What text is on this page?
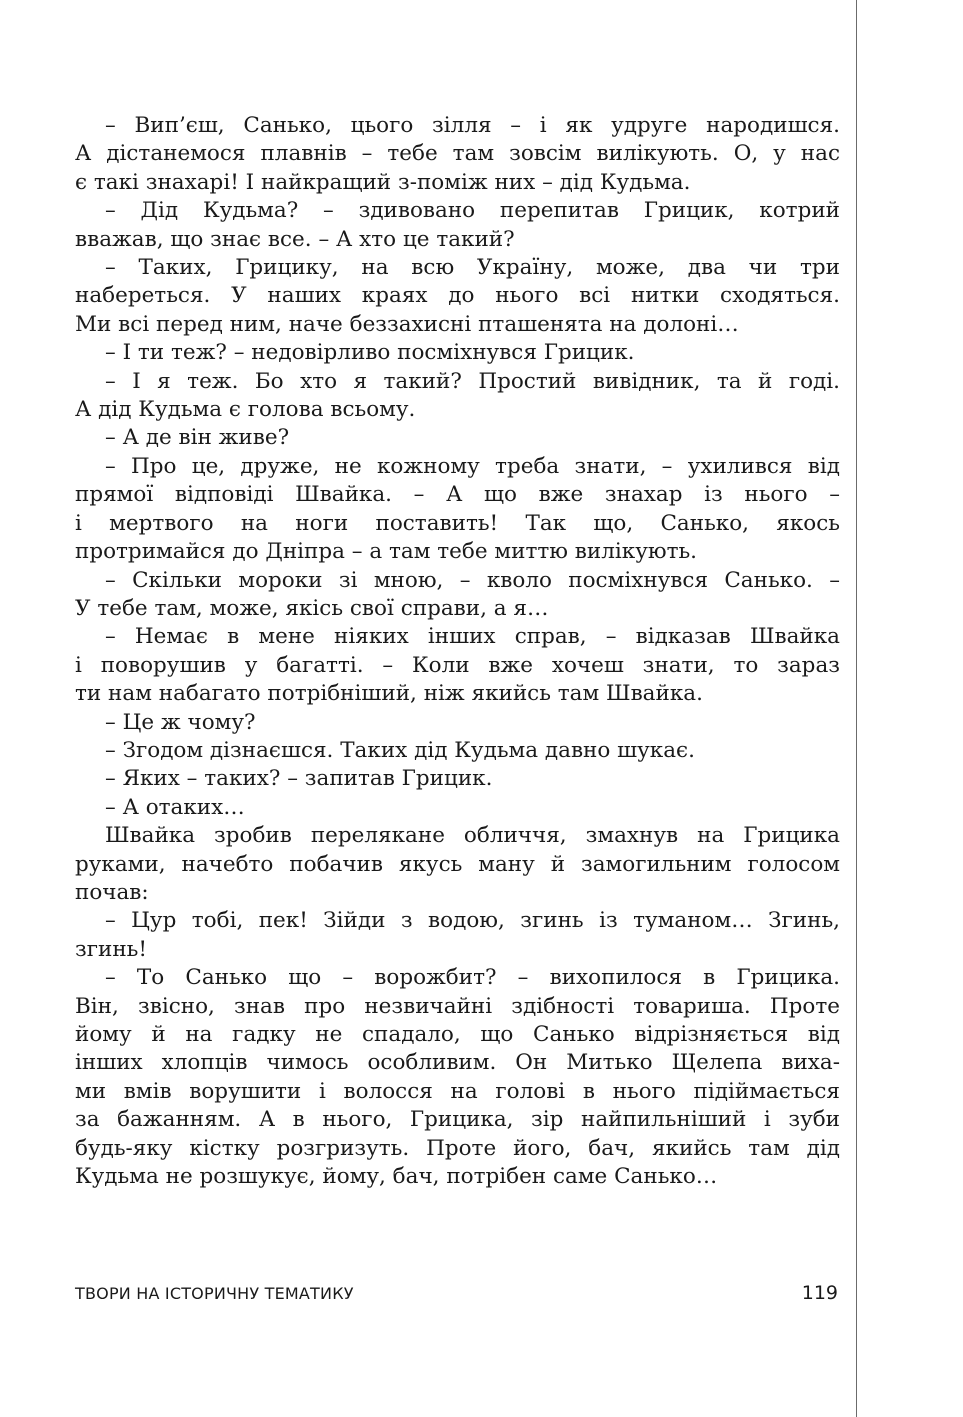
– Вип’єш, Санько, цього зілля – і як удруге народишся.
А дістанемося плавнів – тебе там зовсім вилікують. О, у нас
є такі знахарі! І найкращий з-поміж них – дід Кудьма.
– Дід Кудьма? – здивовано перепитав Грицик, котрий
вважав, що знає все. – А хто це такий?
– Таких, Грицику, на всю Україну, може, два чи три
набереться. У наших краях до нього всі нитки сходяться.
Ми всі перед ним, наче беззахисні пташенята на долоні…
– І ти теж? – недовірливо посміхнувся Грицик.
– І я теж. Бо хто я такий? Простий вивідник, та й годі.
А дід Кудьма є голова всьому.
– А де він живе?
– Про це, друже, не кожному треба знати, – ухилився від
прямої відповіді Швайка. – А що вже знахар із нього –
і мертвого на ноги поставить! Так що, Санько, якось
протримайся до Дніпра – а там тебе миттю вилікують.
– Скільки мороки зі мною, – кволо посміхнувся Санько. –
У тебе там, може, якісь свої справи, а я…
– Немає в мене ніяких інших справ, – відказав Швайка
і поворушив у багатті. – Коли вже хочеш знати, то зараз
ти нам набагато потрібніший, ніж якийсь там Швайка.
– Це ж чому?
– Згодом дізнаєшся. Таких дід Кудьма давно шукає.
– Яких – таких? – запитав Грицик.
– А отаких…
Швайка зробив перелякане обличчя, змахнув на Грицика
руками, начебто побачив якусь ману й замогильним голосом
почав:
– Цур тобі, пек! Зійди з водою, згинь із туманом… Згинь,
згинь!
– То Санько що – ворожбит? – вихопилося в Грицика.
Він, звісно, знав про незвичайні здібності товариша. Проте
йому й на гадку не спадало, що Санько відрізняється від
інших хлопців чимось особливим. Он Митько Щелепа виха-
ми вмів ворушити і волосся на голові в нього підіймається
за бажанням. А в нього, Грицика, зір найпильніший і зуби
будь-яку кістку розгризуть. Проте його, бач, якийсь там дід
Кудьма не розшукує, йому, бач, потрібен саме Санько…
ТВОРИ НА ІСТОРИЧНУ ТЕМАТИКУ	119
